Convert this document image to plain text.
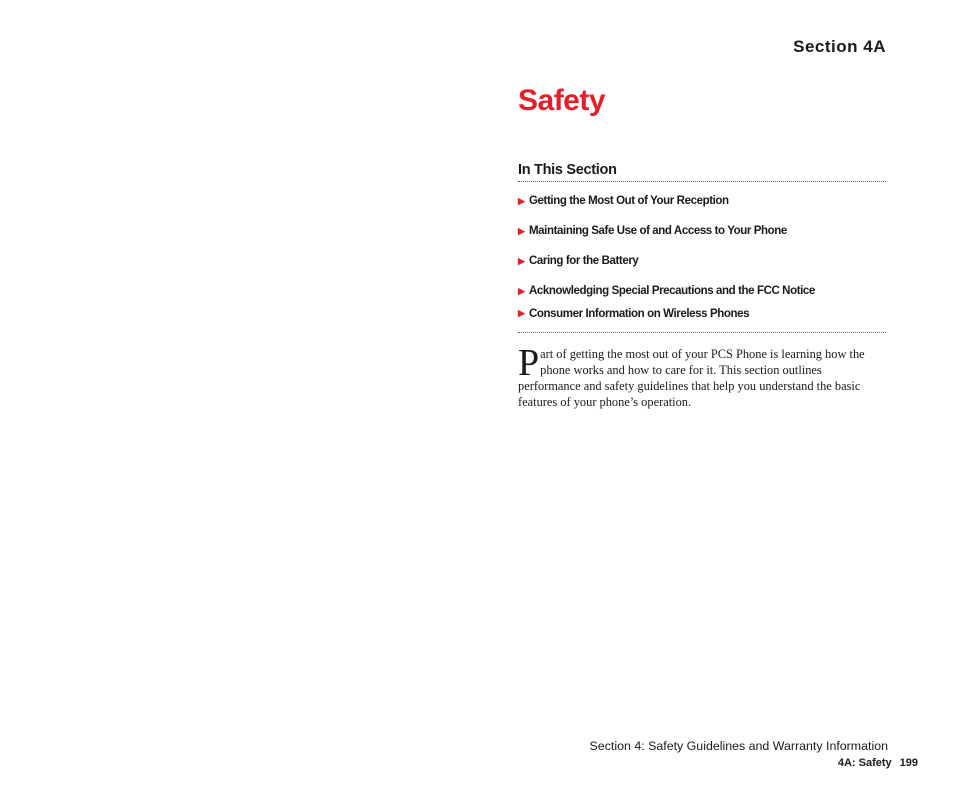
Section 4A
Safety
In This Section
▶ Getting the Most Out of Your Reception
▶ Maintaining Safe Use of and Access to Your Phone
▶ Caring for the Battery
▶ Acknowledging Special Precautions and the FCC Notice
▶ Consumer Information on Wireless Phones

Part of getting the most out of your PCS Phone is learning how the phone works and how to care for it. This section outlines performance and safety guidelines that help you understand the basic features of your phone’s operation.

Section 4: Safety Guidelines and Warranty Information
4A: Safety 199
